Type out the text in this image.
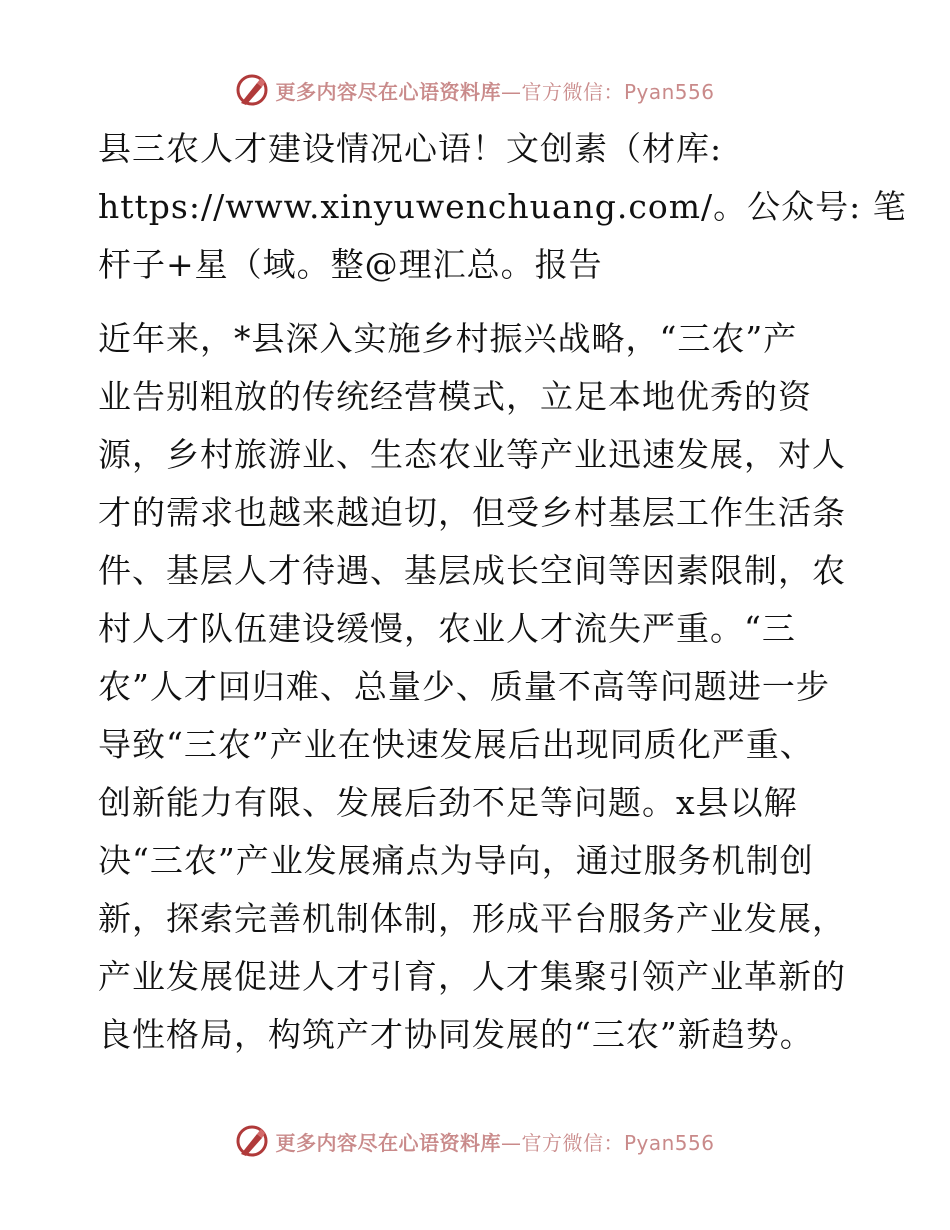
更多内容尽在心语资料库—官方微信：Pyan556
县三农人才建设情况心语！文创素（材库:
https://www.xinyuwenchuang.com/。公众号: 笔
杆子+星（域。整@理汇总。报告
近年来，*县深入实施乡村振兴战略，“三农”产
业告别粗放的传统经营模式，立足本地优秀的资
源，乡村旅游业、生态农业等产业迅速发展，对人
才的需求也越来越迫切，但受乡村基层工作生活条
件、基层人才待遇、基层成长空间等因素限制，农
村人才队伍建设缓慢，农业人才流失严重。“三
农”人才回归难、总量少、质量不高等问题进一步
导致“三农”产业在快速发展后出现同质化严重、
创新能力有限、发展后劲不足等问题。x县以解
决“三农”产业发展痛点为导向，通过服务机制创
新，探索完善机制体制，形成平台服务产业发展，
产业发展促进人才引育，人才集聚引领产业革新的
良性格局，构筑产才协同发展的“三农”新趋势。
更多内容尽在心语资料库—官方微信：Pyan556
